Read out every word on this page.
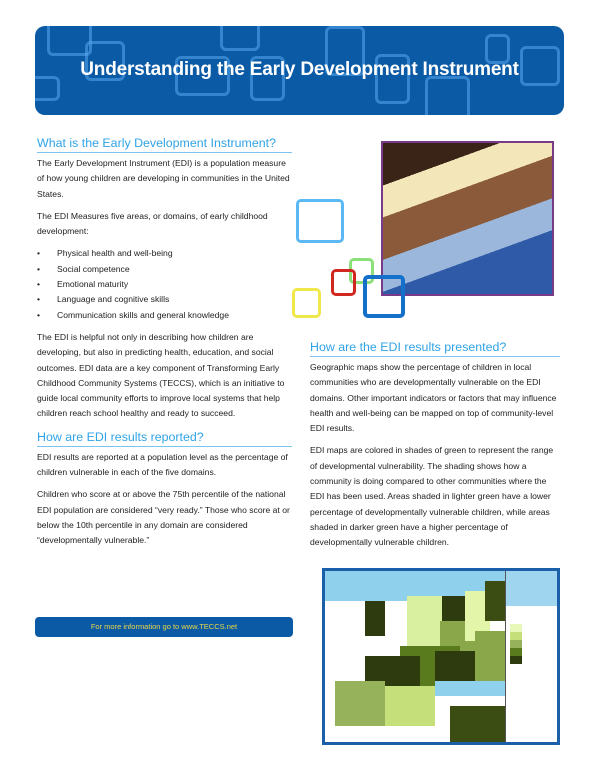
Understanding the Early Development Instrument
What is the Early Development Instrument?

The Early Development Instrument (EDI) is a population measure of how young children are developing in communities in the United States.

The EDI Measures five areas, or domains, of early childhood development:

• Physical health and well-being
• Social competence
• Emotional maturity
• Language and cognitive skills
• Communication skills and general knowledge

The EDI is helpful not only in describing how children are developing, but also in predicting health, education, and social outcomes. EDI data are a key component of Transforming Early Childhood Community Systems (TECCS), which is an initiative to guide local community efforts to improve local systems that help children reach school healthy and ready to succeed.

How are EDI results reported?

EDI results are reported at a population level as the percentage of children vulnerable in each of the five domains.

Children who score at or above the 75th percentile of the national EDI population are considered “very ready.” Those who score at or below the 10th percentile in any domain are considered “developmentally vulnerable.”

How are the EDI results presented?

Geographic maps show the percentage of children in local communities who are developmentally vulnerable on the EDI domains. Other important indicators or factors that may influence health and well-being can be mapped on top of community-level EDI results.

EDI maps are colored in shades of green to represent the range of developmental vulnerability. The shading shows how a community is doing compared to other communities where the EDI has been used. Areas shaded in lighter green have a lower percentage of developmentally vulnerable children, while areas shaded in darker green have a higher percentage of developmentally vulnerable children.

For more information go to www.TECCS.net
